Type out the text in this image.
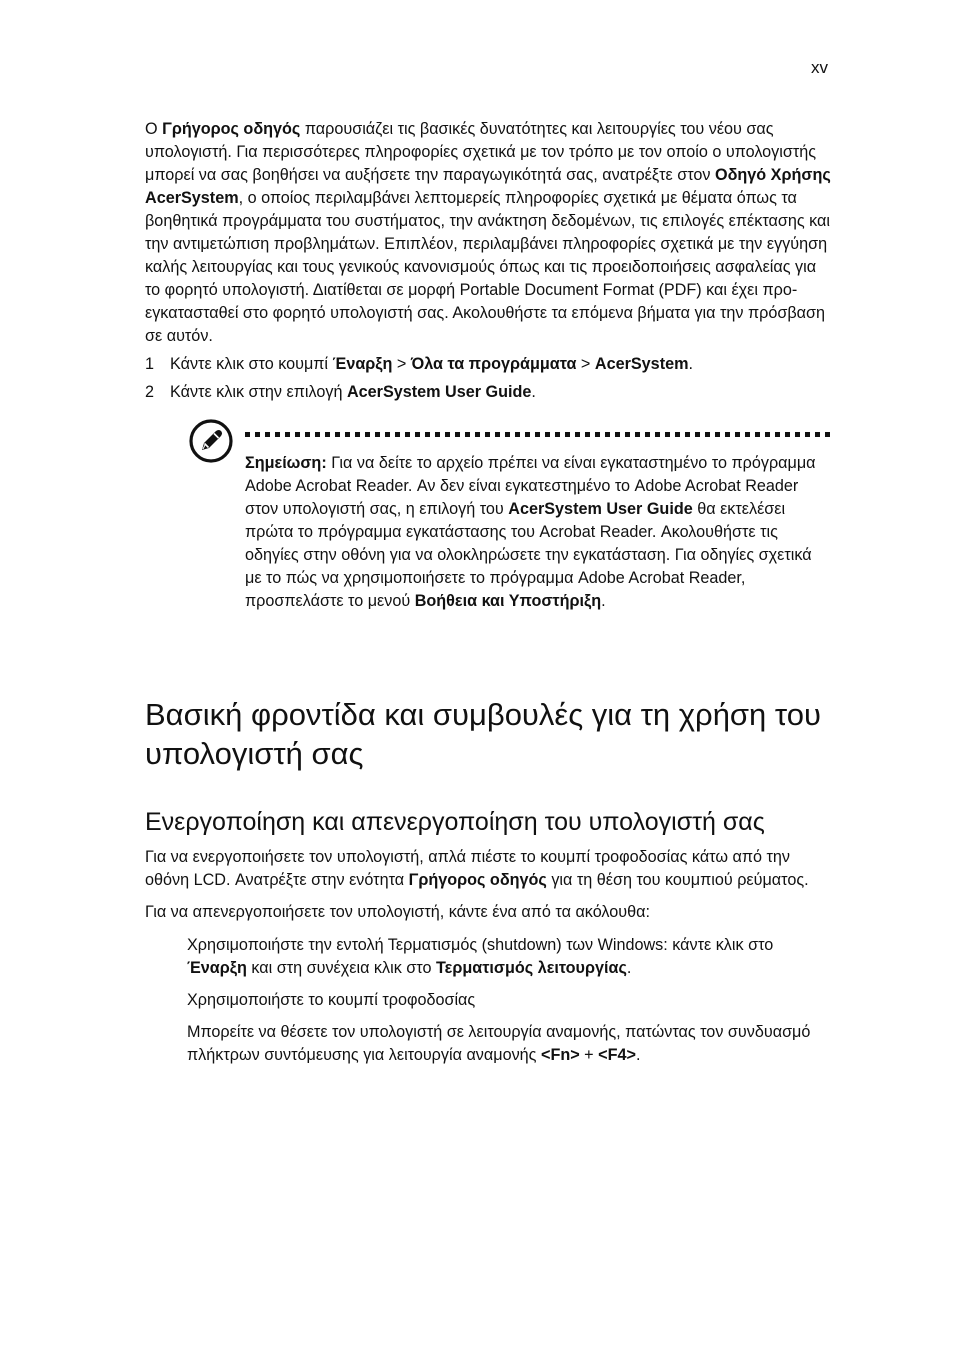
xv

Ο Γρήγορος οδηγός παρουσιάζει τις βασικές δυνατότητες και λειτουργίες του νέου σας υπολογιστή. Για περισσότερες πληροφορίες σχετικά με τον τρόπο με τον οποίο ο υπολογιστής μπορεί να σας βοηθήσει να αυξήσετε την παραγωγικότητά σας, ανατρέξτε στον Οδηγό Χρήσης AcerSystem, ο οποίος περιλαμβάνει λεπτομερείς πληροφορίες σχετικά με θέματα όπως τα βοηθητικά προγράμματα του συστήματος, την ανάκτηση δεδομένων, τις επιλογές επέκτασης και την αντιμετώπιση προβλημάτων. Επιπλέον, περιλαμβάνει πληροφορίες σχετικά με την εγγύηση καλής λειτουργίας και τους γενικούς κανονισμούς όπως και τις προειδοποιήσεις ασφαλείας για το φορητό υπολογιστή. Διατίθεται σε μορφή Portable Document Format (PDF) και έχει προ-εγκατασταθεί στο φορητό υπολογιστή σας. Ακολουθήστε τα επόμενα βήματα για την πρόσβαση σε αυτόν.

1 Κάντε κλικ στο κουμπί Έναρξη > Όλα τα προγράμματα > AcerSystem.
2 Κάντε κλικ στην επιλογή AcerSystem User Guide.

Σημείωση: Για να δείτε το αρχείο πρέπει να είναι εγκαταστημένο το πρόγραμμα Adobe Acrobat Reader. Αν δεν είναι εγκατεστημένο το Adobe Acrobat Reader στον υπολογιστή σας, η επιλογή του AcerSystem User Guide θα εκτελέσει πρώτα το πρόγραμμα εγκατάστασης του Acrobat Reader. Ακολουθήστε τις οδηγίες στην οθόνη για να ολοκληρώσετε την εγκατάσταση. Για οδηγίες σχετικά με το πώς να χρησιμοποιήσετε το πρόγραμμα Adobe Acrobat Reader, προσπελάστε το μενού Βοήθεια και Υποστήριξη.

Βασική φροντίδα και συμβουλές για τη χρήση του υπολογιστή σας
Ενεργοποίηση και απενεργοποίηση του υπολογιστή σας

Για να ενεργοποιήσετε τον υπολογιστή, απλά πιέστε το κουμπί τροφοδοσίας κάτω από την οθόνη LCD. Ανατρέξτε στην ενότητα Γρήγορος οδηγός για τη θέση του κουμπιού ρεύματος.

Για να απενεργοποιήσετε τον υπολογιστή, κάντε ένα από τα ακόλουθα:

Χρησιμοποιήστε την εντολή Τερματισμός (shutdown) των Windows: κάντε κλικ στο Έναρξη και στη συνέχεια κλικ στο Τερματισμός λειτουργίας.

Χρησιμοποιήστε το κουμπί τροφοδοσίας

Μπορείτε να θέσετε τον υπολογιστή σε λειτουργία αναμονής, πατώντας τον συνδυασμό πλήκτρων συντόμευσης για λειτουργία αναμονής <Fn> + <F4>.
